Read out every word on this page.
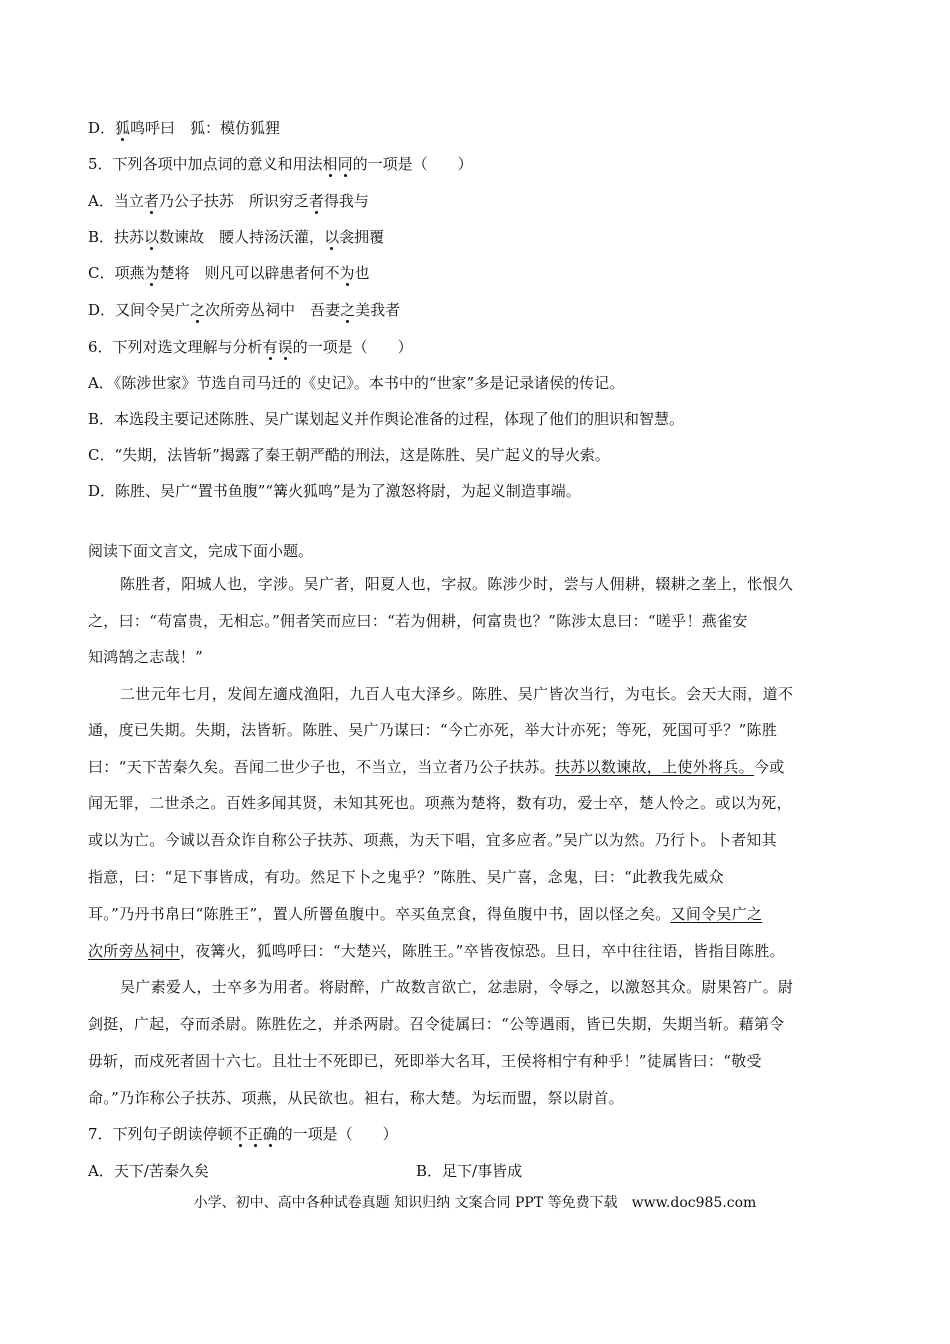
D．狐鸣呼曰　狐：模仿狐狸
5．下列各项中加点词的意义和用法相同的一项是（　　）
A．当立者乃公子扶苏　所识穷乏者得我与
B．扶苏以数谏故　腰人持汤沃灌，以衾拥覆
C．项燕为楚将　则凡可以辟患者何不为也
D．又间令吴广之次所旁丛祠中　吾妻之美我者
6．下列对选文理解与分析有误的一项是（　　）
A．《陈涉世家》节选自司马迁的《史记》。本书中的“世家”多是记录诸侯的传记。
B．本选段主要记述陈胜、吴广谋划起义并作舆论准备的过程，体现了他们的胆识和智慧。
C．“失期，法皆斩”揭露了秦王朝严酷的刑法，这是陈胜、吴广起义的导火索。
D．陈胜、吴广“置书鱼腹”“篝火狐鸣”是为了激怒将尉，为起义制造事端。
阅读下面文言文，完成下面小题。
陈胜者，阳城人也，字涉。吴广者，阳夏人也，字叔。陈涉少时，尝与人佣耕，辍耕之垄上，怅恨久
之，曰：“苟富贵，无相忘。”佣者笑而应曰：“若为佣耕，何富贵也？”陈涉太息曰：“嗟乎！燕雀安
知鸿鹄之志哉！”
二世元年七月，发闾左適戍渔阳，九百人屯大泽乡。陈胜、吴广皆次当行，为屯长。会天大雨，道不
通，度已失期。失期，法皆斩。陈胜、吴广乃谋曰：“今亡亦死，举大计亦死；等死，死国可乎？”陈胜
曰：“天下苦秦久矣。吾闻二世少子也，不当立，当立者乃公子扶苏。扶苏以数谏故，上使外将兵。今或
闻无罪，二世杀之。百姓多闻其贤，未知其死也。项燕为楚将，数有功，爱士卒，楚人怜之。或以为死，
或以为亡。今诚以吾众诈自称公子扶苏、项燕，为天下唱，宜多应者。”吴广以为然。乃行卜。卜者知其
指意，曰：“足下事皆成，有功。然足下卜之鬼乎？”陈胜、吴广喜，念鬼，曰：“此教我先威众
耳。”乃丹书帛曰“陈胜王”，置人所罾鱼腹中。卒买鱼烹食，得鱼腹中书，固以怪之矣。又间令吴广之
次所旁丛祠中，夜篝火，狐鸣呼曰：“大楚兴，陈胜王。”卒皆夜惊恐。旦日，卒中往往语，皆指目陈胜。
吴广素爱人，士卒多为用者。将尉醉，广故数言欲亡，忿恚尉，令辱之，以激怒其众。尉果笞广。尉
剑挺，广起，夺而杀尉。陈胜佐之，并杀两尉。召令徒属曰：“公等遇雨，皆已失期，失期当斩。藉第令
毋斩，而戍死者固十六七。且壮士不死即已，死即举大名耳，王侯将相宁有种乎！”徒属皆曰：“敬受
命。”乃诈称公子扶苏、项燕，从民欲也。袒右，称大楚。为坛而盟，祭以尉首。
7．下列句子朗读停顿不正确的一项是（　　）
A．天下/苦秦久矣	B．足下/事皆成
小学、初中、高中各种试卷真题 知识归纳 文案合同 PPT 等免费下载　www.doc985.com
